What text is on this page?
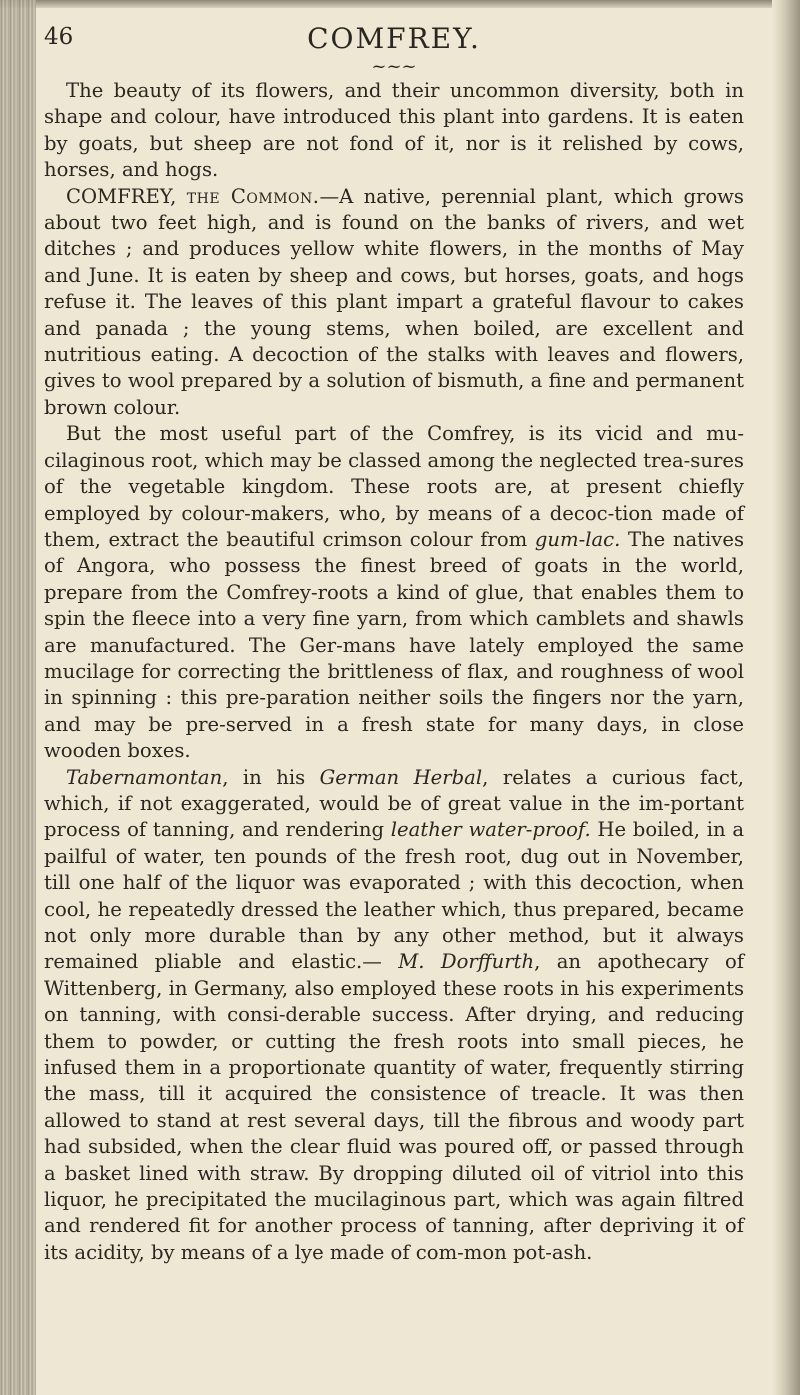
46	COMFREY.
~~~

The beauty of its flowers, and their uncommon diversity, both in shape and colour, have introduced this plant into gardens. It is eaten by goats, but sheep are not fond of it, nor is it relished by cows, horses, and hogs.

COMFREY, the Common.—A native, perennial plant, which grows about two feet high, and is found on the banks of rivers, and wet ditches ; and produces yellow white flowers, in the months of May and June. It is eaten by sheep and cows, but horses, goats, and hogs refuse it. The leaves of this plant impart a grateful flavour to cakes and panada ; the young stems, when boiled, are excellent and nutritious eating. A decoction of the stalks with leaves and flowers, gives to wool prepared by a solution of bismuth, a fine and permanent brown colour.

But the most useful part of the Comfrey, is its vicid and mu-cilaginous root, which may be classed among the neglected trea-sures of the vegetable kingdom. These roots are, at present chiefly employed by colour-makers, who, by means of a decoc-tion made of them, extract the beautiful crimson colour from gum-lac. The natives of Angora, who possess the finest breed of goats in the world, prepare from the Comfrey-roots a kind of glue, that enables them to spin the fleece into a very fine yarn, from which camblets and shawls are manufactured. The Ger-mans have lately employed the same mucilage for correcting the brittleness of flax, and roughness of wool in spinning : this pre-paration neither soils the fingers nor the yarn, and may be pre-served in a fresh state for many days, in close wooden boxes.

Tabernamontan, in his German Herbal, relates a curious fact, which, if not exaggerated, would be of great value in the im-portant process of tanning, and rendering leather water-proof. He boiled, in a pailful of water, ten pounds of the fresh root, dug out in November, till one half of the liquor was evaporated ; with this decoction, when cool, he repeatedly dressed the leather which, thus prepared, became not only more durable than by any other method, but it always remained pliable and elastic.— M. Dorffurth, an apothecary of Wittenberg, in Germany, also employed these roots in his experiments on tanning, with consi-derable success. After drying, and reducing them to powder, or cutting the fresh roots into small pieces, he infused them in a proportionate quantity of water, frequently stirring the mass, till it acquired the consistence of treacle. It was then allowed to stand at rest several days, till the fibrous and woody part had subsided, when the clear fluid was poured off, or passed through a basket lined with straw. By dropping diluted oil of vitriol into this liquor, he precipitated the mucilaginous part, which was again filtred and rendered fit for another process of tanning, after depriving it of its acidity, by means of a lye made of com-mon pot-ash.
